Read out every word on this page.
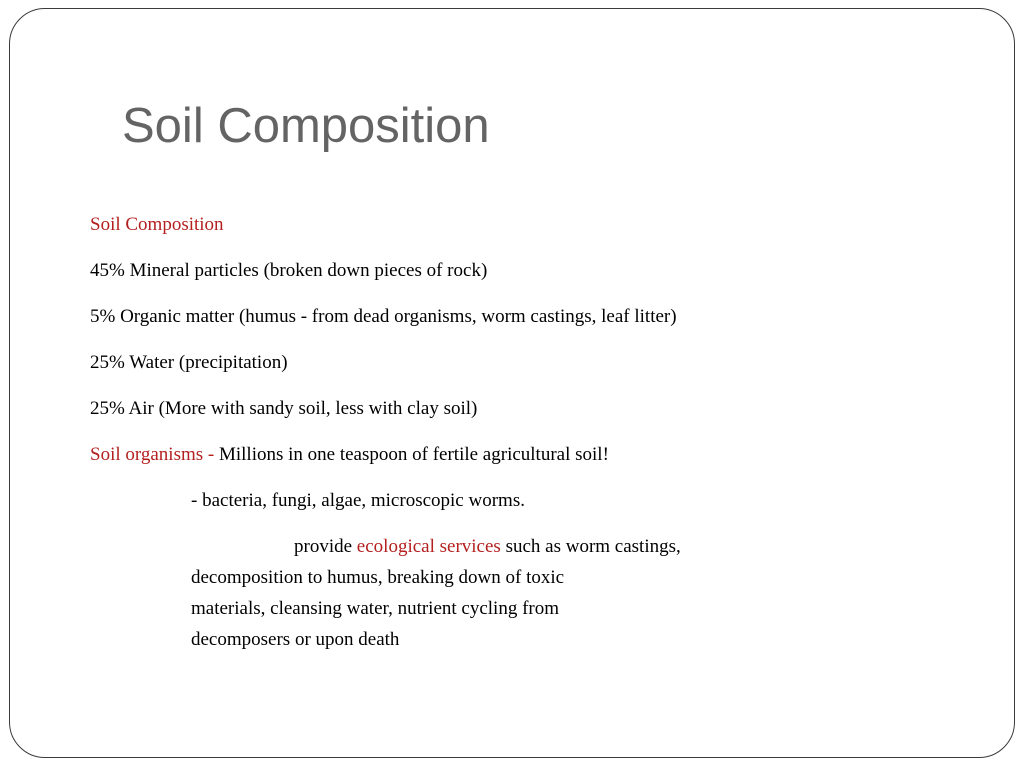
Soil Composition
Soil Composition
45% Mineral particles (broken down pieces of rock)
5% Organic matter (humus - from dead organisms, worm castings, leaf litter)
25% Water (precipitation)
25% Air (More with sandy soil, less with clay soil)
Soil organisms - Millions in one teaspoon of fertile agricultural soil!
- bacteria, fungi, algae, microscopic worms.
provide ecological services such as worm castings,
decomposition to humus, breaking down of toxic
materials, cleansing water, nutrient cycling from
decomposers or upon death
